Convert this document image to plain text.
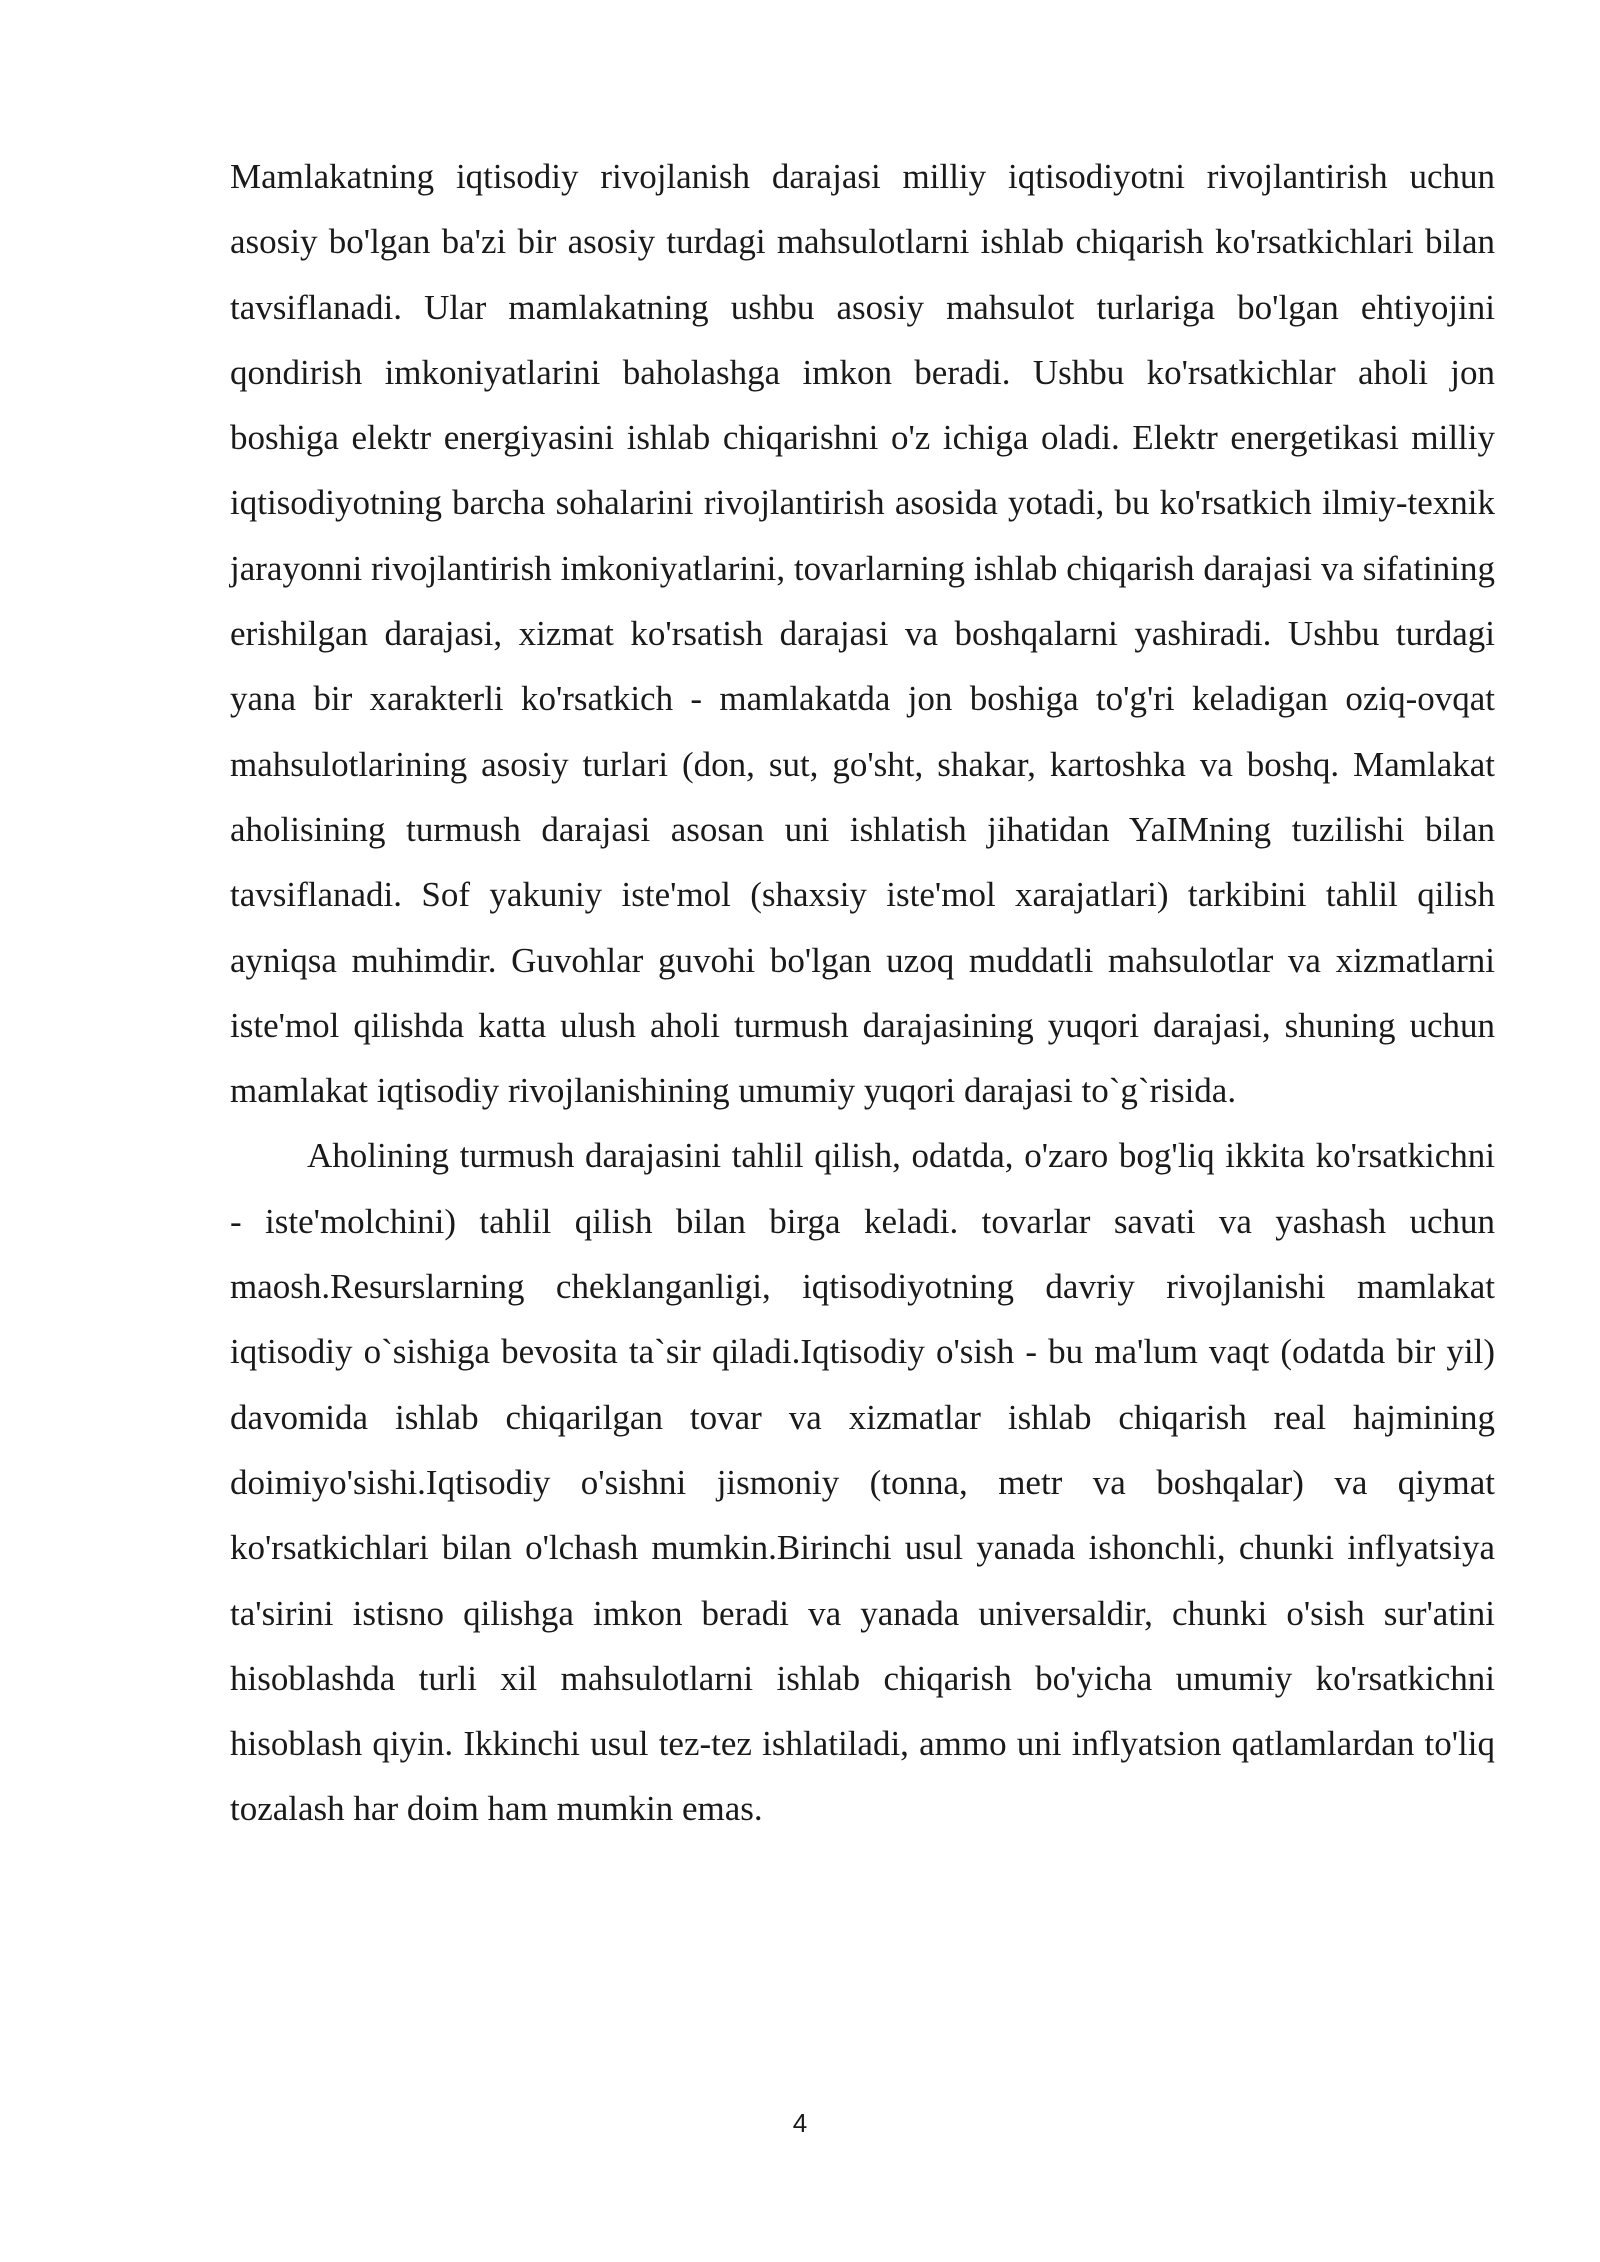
Mamlakatning iqtisodiy rivojlanish darajasi milliy iqtisodiyotni rivojlantirish uchun asosiy bo'lgan ba'zi bir asosiy turdagi mahsulotlarni ishlab chiqarish ko'rsatkichlari bilan tavsiflanadi. Ular mamlakatning ushbu asosiy mahsulot turlariga bo'lgan ehtiyojini qondirish imkoniyatlarini baholashga imkon beradi. Ushbu ko'rsatkichlar aholi jon boshiga elektr energiyasini ishlab chiqarishni o'z ichiga oladi. Elektr energetikasi milliy iqtisodiyotning barcha sohalarini rivojlantirish asosida yotadi, bu ko'rsatkich ilmiy-texnik jarayonni rivojlantirish imkoniyatlarini, tovarlarning ishlab chiqarish darajasi va sifatining erishilgan darajasi, xizmat ko'rsatish darajasi va boshqalarni yashiradi. Ushbu turdagi yana bir xarakterli ko'rsatkich - mamlakatda jon boshiga to'g'ri keladigan oziq-ovqat mahsulotlarining asosiy turlari (don, sut, go'sht, shakar, kartoshka va boshq. Mamlakat aholisining turmush darajasi asosan uni ishlatish jihatidan YaIMning tuzilishi bilan tavsiflanadi. Sof yakuniy iste'mol (shaxsiy iste'mol xarajatlari) tarkibini tahlil qilish ayniqsa muhimdir. Guvohlar guvohi bo'lgan uzoq muddatli mahsulotlar va xizmatlarni iste'mol qilishda katta ulush aholi turmush darajasining yuqori darajasi, shuning uchun mamlakat iqtisodiy rivojlanishining umumiy yuqori darajasi to`g`risida.

Aholining turmush darajasini tahlil qilish, odatda, o'zaro bog'liq ikkita ko'rsatkichni - iste'molchini) tahlil qilish bilan birga keladi. tovarlar savati va yashash uchun maosh.Resurslarning cheklanganligi, iqtisodiyotning davriy rivojlanishi mamlakat iqtisodiy o`sishiga bevosita ta`sir qiladi.Iqtisodiy o'sish - bu ma'lum vaqt (odatda bir yil) davomida ishlab chiqarilgan tovar va xizmatlar ishlab chiqarish real hajmining doimiyo'sishi.Iqtisodiy o'sishni jismoniy (tonna, metr va boshqalar) va qiymat ko'rsatkichlari bilan o'lchash mumkin.Birinchi usul yanada ishonchli, chunki inflyatsiya ta'sirini istisno qilishga imkon beradi va yanada universaldir, chunki o'sish sur'atini hisoblashda turli xil mahsulotlarni ishlab chiqarish bo'yicha umumiy ko'rsatkichni hisoblash qiyin. Ikkinchi usul tez-tez ishlatiladi, ammo uni inflyatsion qatlamlardan to'liq tozalash har doim ham mumkin emas.

4
